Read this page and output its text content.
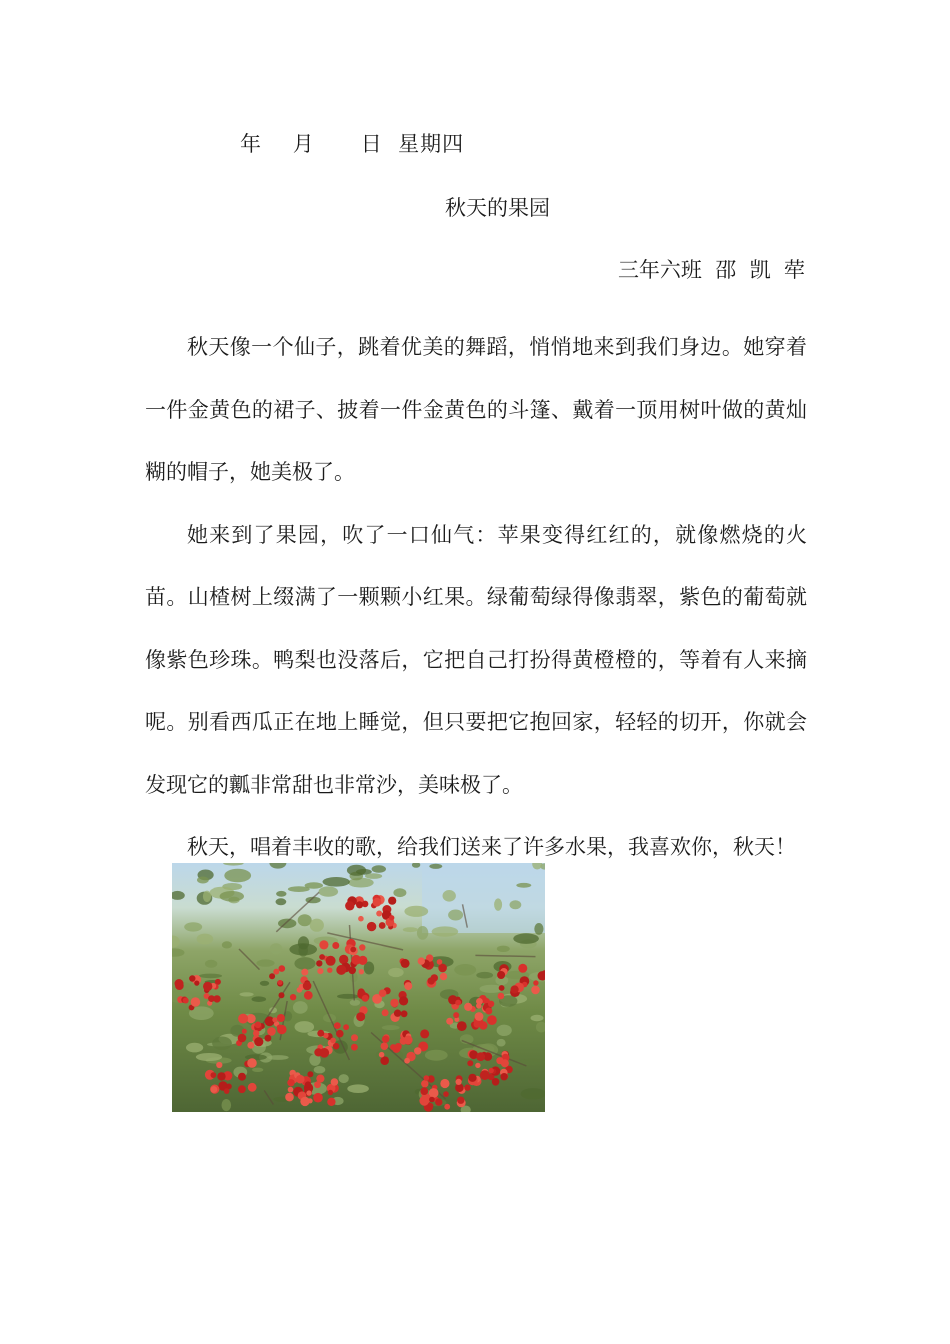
年    月      日  星期四
秋天的果园
三年六班  邵  凯  荦

秋天像一个仙子，跳着优美的舞蹈，悄悄地来到我们身边。她穿着一件金黄色的裙子、披着一件金黄色的斗篷、戴着一顶用树叶做的黄灿糊的帽子，她美极了。

她来到了果园，吹了一口仙气：苹果变得红红的，就像燃烧的火苗。山楂树上缀满了一颗颗小红果。绿葡萄绿得像翡翠，紫色的葡萄就像紫色珍珠。鸭梨也没落后，它把自己打扮得黄橙橙的，等着有人来摘呢。别看西瓜正在地上睡觉，但只要把它抱回家，轻轻的切开，你就会发现它的瓤非常甜也非常沙，美味极了。

秋天，唱着丰收的歌，给我们送来了许多水果，我喜欢你，秋天！
